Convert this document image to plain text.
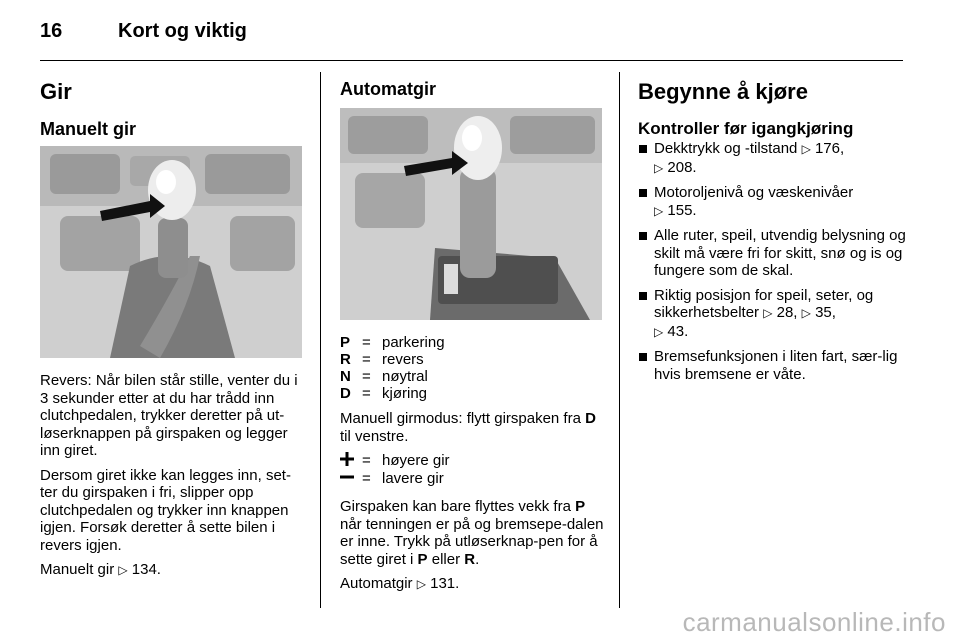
16	Kort og viktig
Gir
Manuelt gir

Revers: Når bilen står stille, venter du i 3 sekunder etter at du har trådd inn clutchpedalen, trykker deretter på ut-løserknappen på girspaken og legger inn giret.

Dersom giret ikke kan legges inn, set-ter du girspaken i fri, slipper opp clutchpedalen og trykker inn knappen igjen. Forsøk deretter å sette bilen i revers igjen.

Manuelt gir ▷ 134.

Automatgir
P = parkering
R = revers
N = nøytral
D = kjøring

Manuell girmodus: flytt girspaken fra D til venstre.

= høyere gir
= lavere gir

Girspaken kan bare flyttes vekk fra P når tenningen er på og bremsepe-dalen er inne. Trykk på utløserknap-pen for å sette giret i P eller R.

Automatgir ▷ 131.

Begynne å kjøre
Kontroller før igangkjøring
Dekktrykk og -tilstand ▷ 176,
▷ 208.
Motoroljenivå og væskenivåer
▷ 155.
Alle ruter, speil, utvendig belysning og skilt må være fri for skitt, snø og is og fungere som de skal.
Riktig posisjon for speil, seter, og sikkerhetsbelter ▷ 28, ▷ 35,
▷ 43.
Bremsefunksjonen i liten fart, sær-lig hvis bremsene er våte.
carmanualsonline.info
